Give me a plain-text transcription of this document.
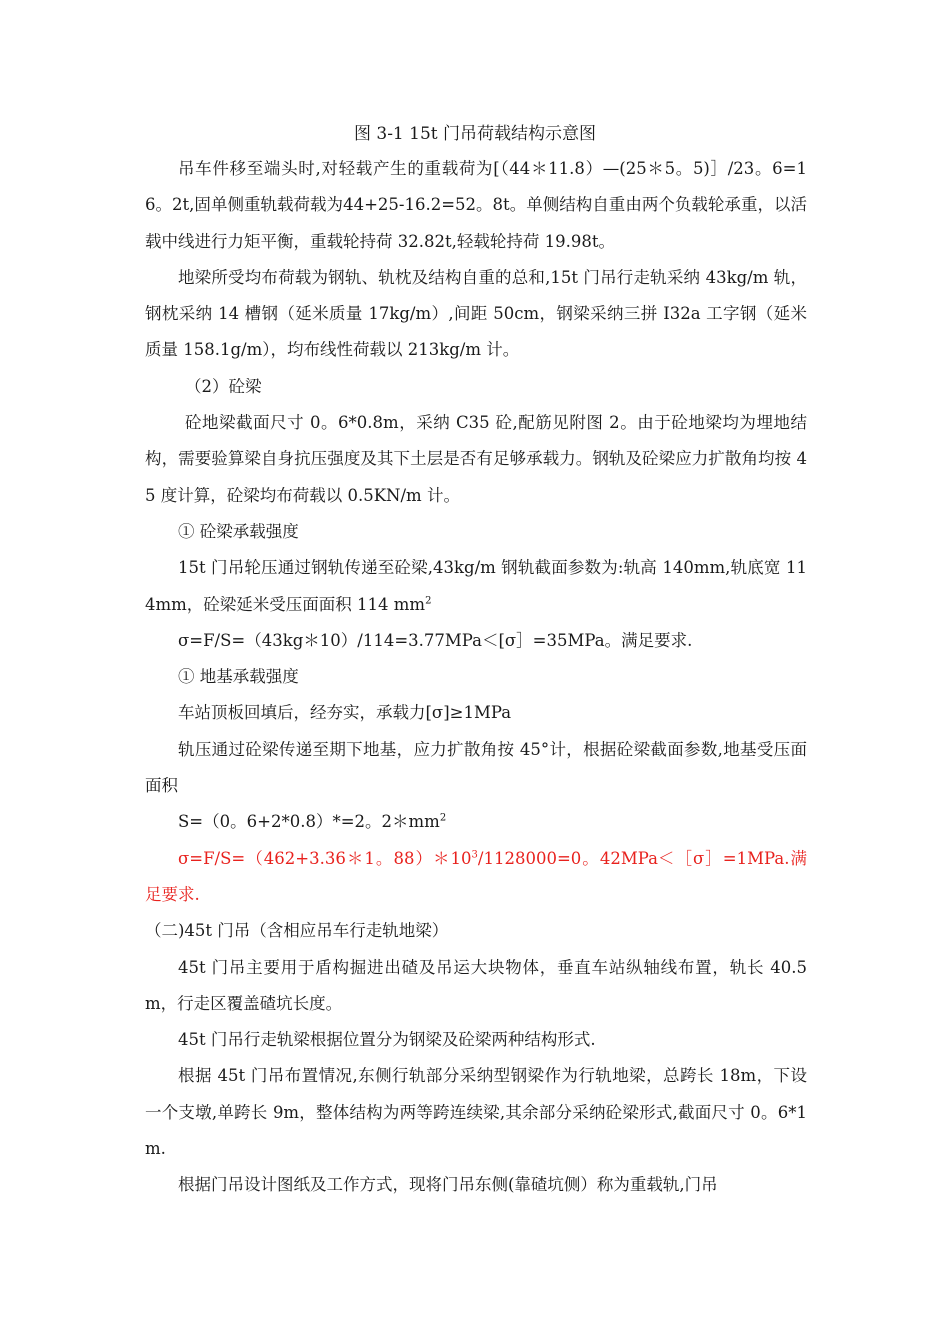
图 3-1 15t 门吊荷载结构示意图

吊车件移至端头时,对轻载产生的重载荷为[（44＊11.8）—(25＊5。5)］/23。6=16。2t,固单侧重轨载荷载为44+25-16.2=52。8t。单侧结构自重由两个负载轮承重，以活载中线进行力矩平衡，重载轮持荷 32.82t,轻载轮持荷 19.98t。

地梁所受均布荷载为钢轨、轨枕及结构自重的总和,15t 门吊行走轨采纳 43kg/m 轨，钢枕采纳 14 槽钢（延米质量 17kg/m）,间距 50cm，钢梁采纳三拼 I32a 工字钢（延米质量 158.1g/m），均布线性荷载以 213kg/m 计。

（2）砼梁

砼地梁截面尺寸 0。6*0.8m，采纳 C35 砼,配筋见附图 2。由于砼地梁均为埋地结构，需要验算梁自身抗压强度及其下土层是否有足够承载力。钢轨及砼梁应力扩散角均按 45 度计算，砼梁均布荷载以 0.5KN/m 计。

① 砼梁承载强度

15t 门吊轮压通过钢轨传递至砼梁,43kg/m 钢轨截面参数为:轨高 140mm,轨底宽 114mm，砼梁延米受压面面积 114 $mm^2$

σ=F/S=（43kg＊10）/114=3.77MPa＜[σ］=35MPa。满足要求.

① 地基承载强度

车站顶板回填后，经夯实，承载力[σ]≥1MPa

轨压通过砼梁传递至期下地基，应力扩散角按 45°计，根据砼梁截面参数,地基受压面面积

S=（0。6+2*0.8）*=2。$2*mm^2$

σ=F/S=（462+3.36＊1。$88)*10^3/1128000=0$。42MPa＜［σ］=1MPa.满足要求.

（二)45t 门吊（含相应吊车行走轨地梁）

45t 门吊主要用于盾构掘进出碴及吊运大块物体，垂直车站纵轴线布置，轨长 40.5m，行走区覆盖碴坑长度。

45t 门吊行走轨梁根据位置分为钢梁及砼梁两种结构形式.

根据 45t 门吊布置情况,东侧行轨部分采纳型钢梁作为行轨地梁，总跨长 18m，下设一个支墩,单跨长 9m，整体结构为两等跨连续梁,其余部分采纳砼梁形式,截面尺寸 0。6*1m.

根据门吊设计图纸及工作方式，现将门吊东侧(靠碴坑侧）称为重载轨,门吊
